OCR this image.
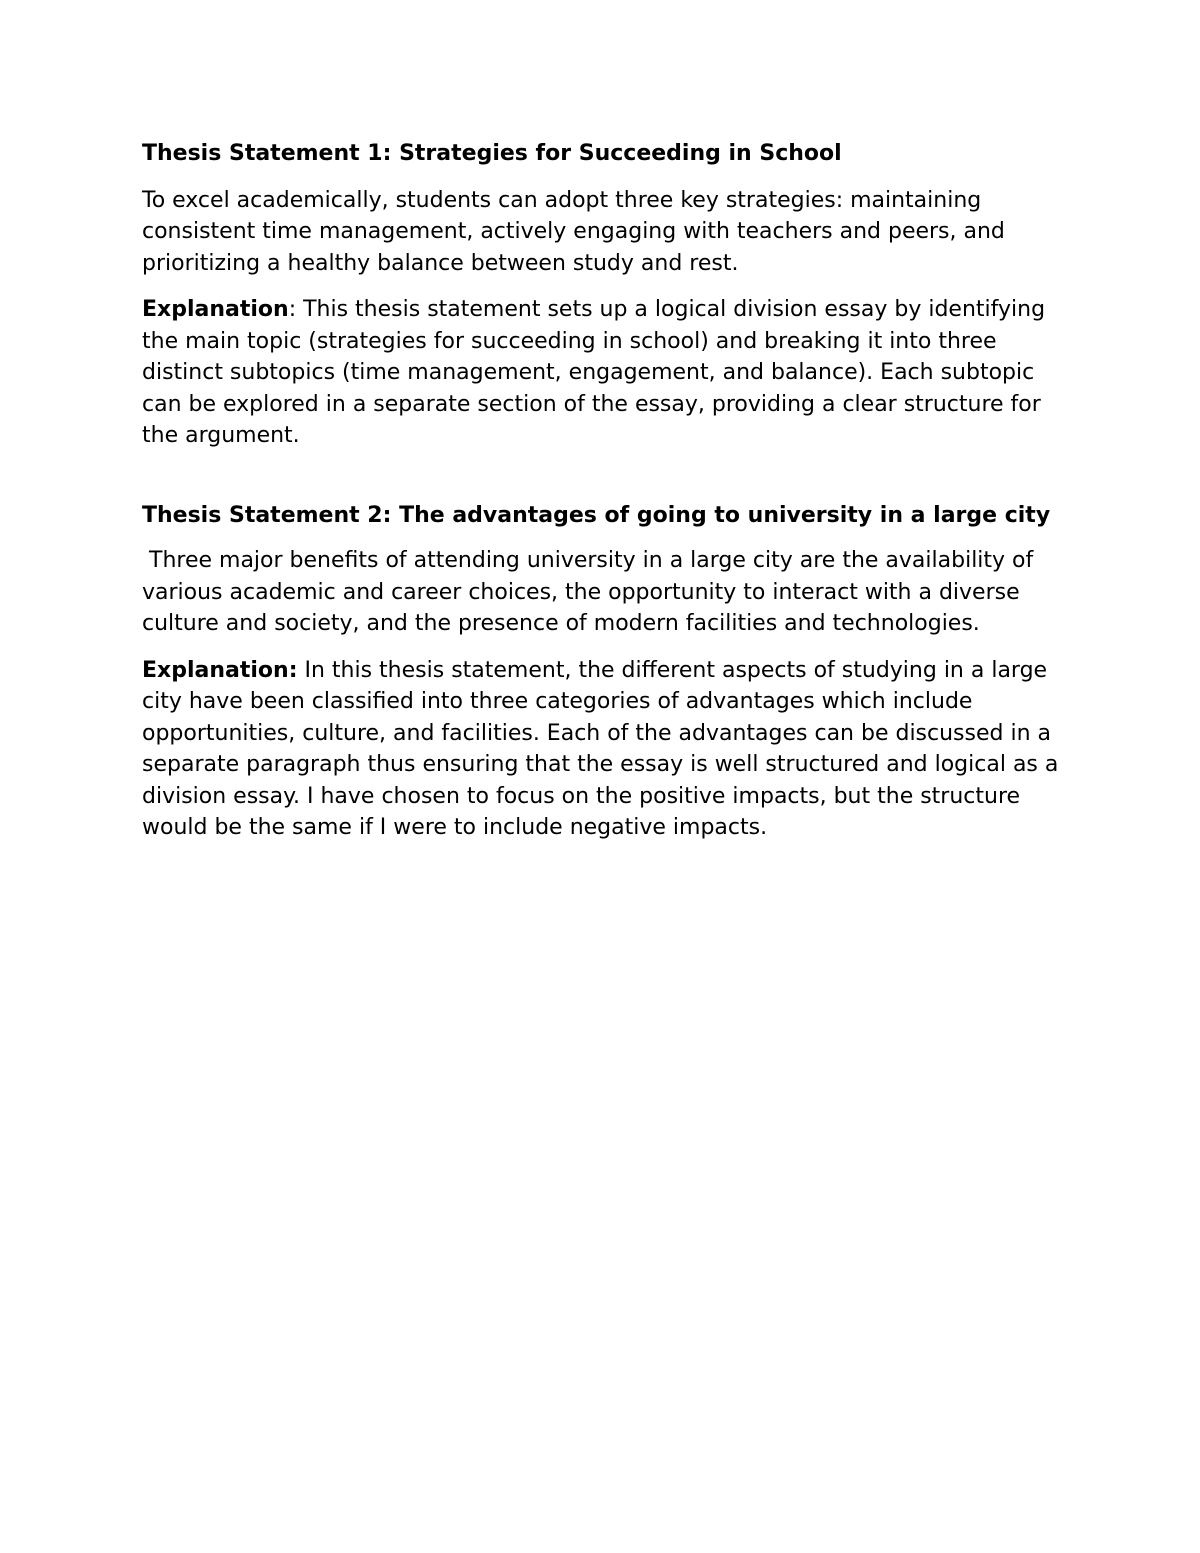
Thesis Statement 1: Strategies for Succeeding in School

To excel academically, students can adopt three key strategies: maintaining consistent time management, actively engaging with teachers and peers, and prioritizing a healthy balance between study and rest.

Explanation: This thesis statement sets up a logical division essay by identifying the main topic (strategies for succeeding in school) and breaking it into three distinct subtopics (time management, engagement, and balance). Each subtopic can be explored in a separate section of the essay, providing a clear structure for the argument.

Thesis Statement 2: The advantages of going to university in a large city

Three major benefits of attending university in a large city are the availability of various academic and career choices, the opportunity to interact with a diverse culture and society, and the presence of modern facilities and technologies.

Explanation: In this thesis statement, the different aspects of studying in a large city have been classified into three categories of advantages which include opportunities, culture, and facilities. Each of the advantages can be discussed in a separate paragraph thus ensuring that the essay is well structured and logical as a division essay. I have chosen to focus on the positive impacts, but the structure would be the same if I were to include negative impacts.
